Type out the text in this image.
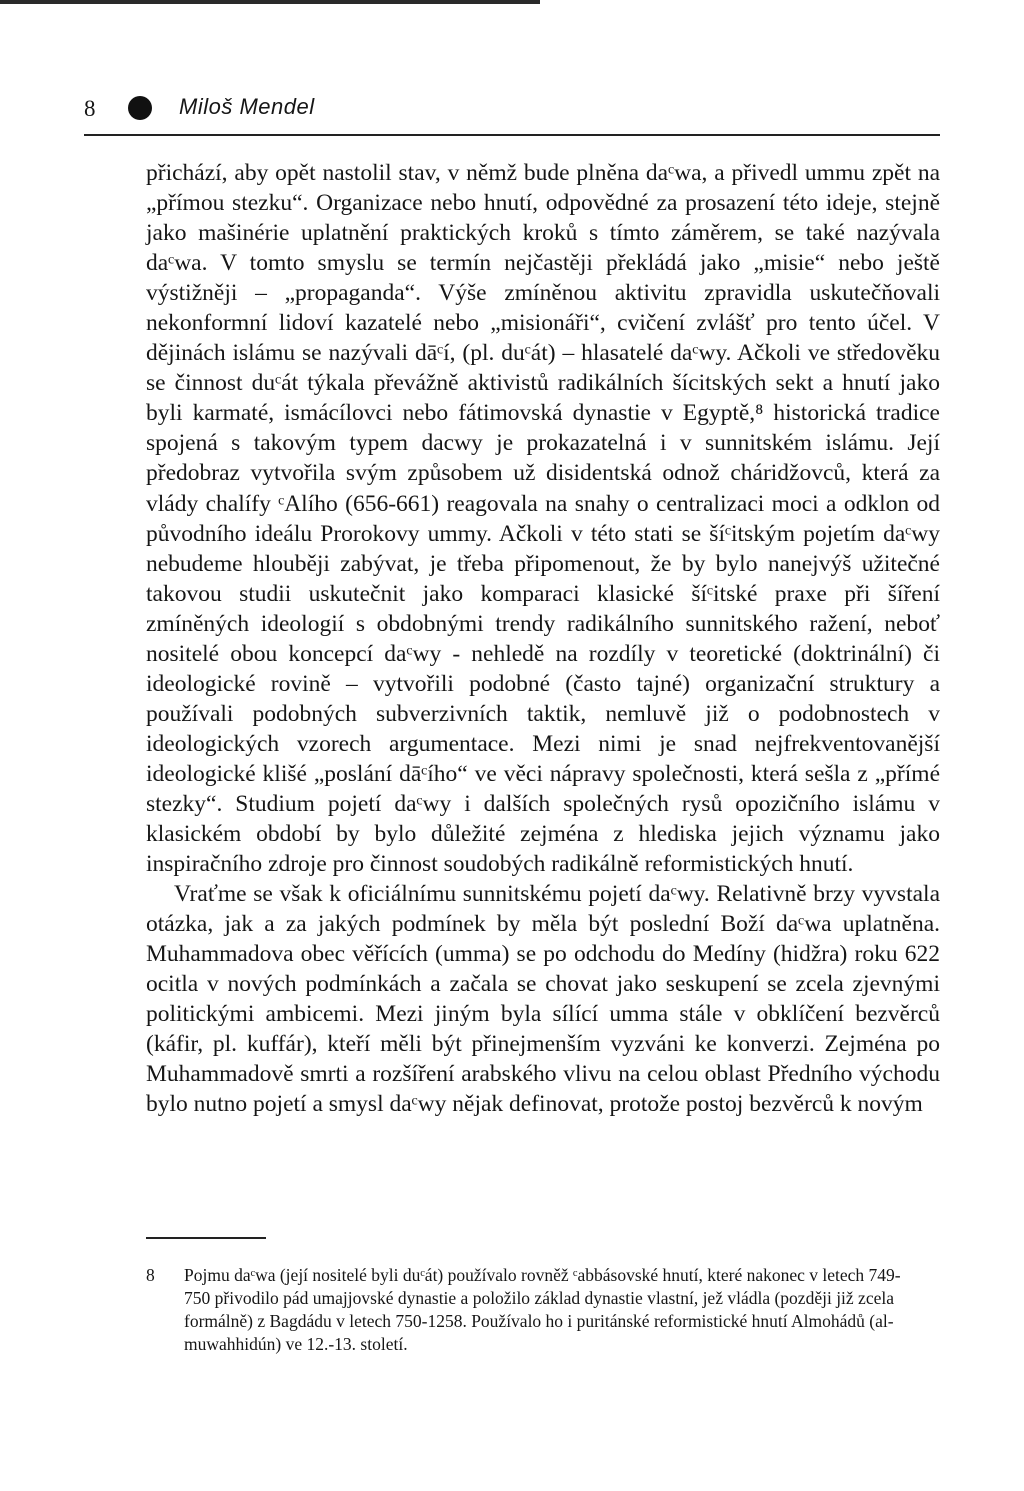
8	Miloš Mendel

přichází, aby opět nastolil stav, v němž bude plněna daᶜwa, a přivedl ummu zpět na „přímou stezku“. Organizace nebo hnutí, odpovědné za prosazení této ideje, stejně jako mašinérie uplatnění praktických kroků s tímto záměrem, se také nazývala daᶜwa. V tomto smyslu se termín nejčastěji překládá jako „misie“ nebo ještě výstižněji – „propaganda“. Výše zmíněnou aktivitu zpravidla uskutečňovali nekonformní lidoví kazatelé nebo „misionáři“, cvičení zvlášť pro tento účel. V dějinách islámu se nazývali dāᶜí, (pl. duᶜát) – hlasatelé daᶜwy. Ačkoli ve středověku se činnost duᶜát týkala převážně aktivistů radikálních šícitských sekt a hnutí jako byli karmaté, ismácílovci nebo fátimovská dynastie v Egyptě,⁸ historická tradice spojená s takovým typem dacwy je prokazatelná i v sunnitském islámu. Její předobraz vytvořila svým způsobem už disidentská odnož cháridžovců, která za vlády chalífy ᶜAlího (656-661) reagovala na snahy o centralizaci moci a odklon od původního ideálu Prorokovy ummy. Ačkoli v této stati se šíᶜitským pojetím daᶜwy nebudeme hlouběji zabývat, je třeba připomenout, že by bylo nanejvýš užitečné takovou studii uskutečnit jako komparaci klasické šíᶜitské praxe při šíření zmíněných ideologií s obdobnými trendy radikálního sunnitského ražení, neboť nositelé obou koncepcí daᶜwy - nehledě na rozdíly v teoretické (doktrinální) či ideologické rovině – vytvořili podobné (často tajné) organizační struktury a používali podobných subverzivních taktik, nemluvě již o podobnostech v ideologických vzorech argumentace. Mezi nimi je snad nejfrekventovanější ideologické klišé „poslání dāᶜího“ ve věci nápravy společnosti, která sešla z „přímé stezky“. Studium pojetí daᶜwy i dalších společných rysů opozičního islámu v klasickém období by bylo důležité zejména z hlediska jejich významu jako inspiračního zdroje pro činnost soudobých radikálně reformistických hnutí.

Vraťme se však k oficiálnímu sunnitskému pojetí daᶜwy. Relativně brzy vyvstala otázka, jak a za jakých podmínek by měla být poslední Boží daᶜwa uplatněna. Muhammadova obec věřících (umma) se po odchodu do Medíny (hidžra) roku 622 ocitla v nových podmínkách a začala se chovat jako seskupení se zcela zjevnými politickými ambicemi. Mezi jiným byla sílící umma stále v obklíčení bezvěrců (káfir, pl. kuffár), kteří měli být přinejmenším vyzváni ke konverzi. Zejména po Muhammadově smrti a rozšíření arabského vlivu na celou oblast Předního východu bylo nutno pojetí a smysl daᶜwy nějak definovat, protože postoj bezvěrců k novým

8 Pojmu daᶜwa (její nositelé byli duᶜát) používalo rovněž ᶜabbásovské hnutí, které nakonec v letech 749-750 přivodilo pád umajjovské dynastie a položilo základ dynastie vlastní, jež vládla (později již zcela formálně) z Bagdádu v letech 750-1258. Používalo ho i puritánské reformistické hnutí Almohádů (al-muwahhidún) ve 12.-13. století.
